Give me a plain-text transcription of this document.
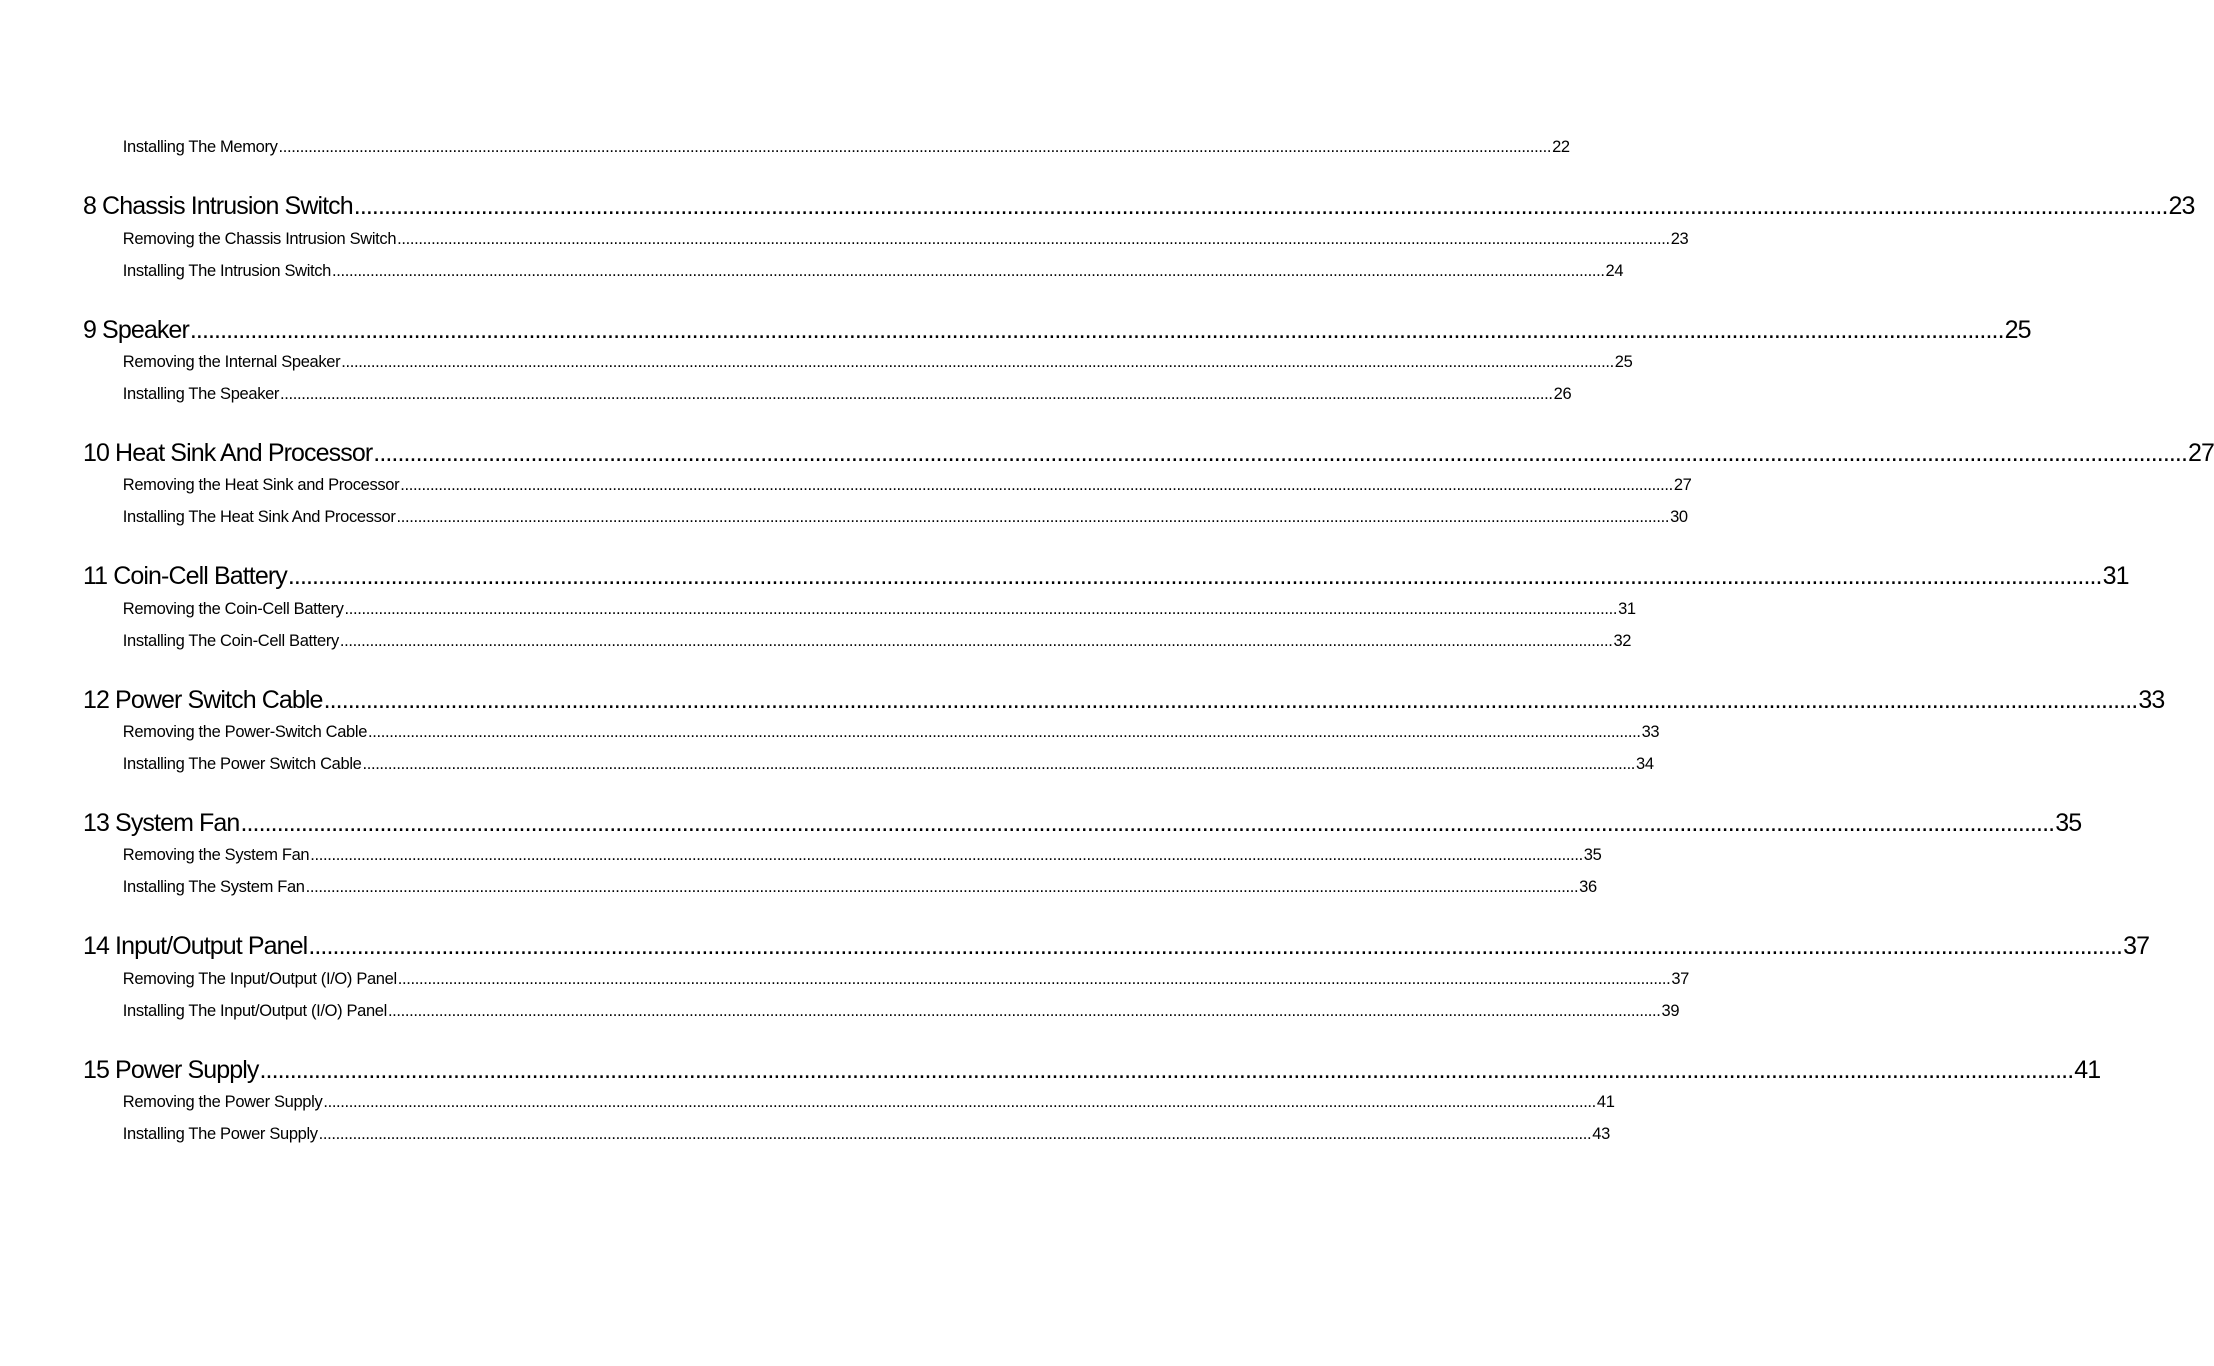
Installing The Memory ............................................................................................................................................................................................................................................................................................................ 22
8 Chassis Intrusion Switch ............................................................................................................................................................................................................................................................................................................ 23
Removing the Chassis Intrusion Switch ............................................................................................................................................................................................................................................................................................................ 23
Installing The Intrusion Switch ............................................................................................................................................................................................................................................................................................................ 24
9 Speaker ............................................................................................................................................................................................................................................................................................................ 25
Removing the Internal Speaker ............................................................................................................................................................................................................................................................................................................ 25
Installing The Speaker ............................................................................................................................................................................................................................................................................................................ 26
10 Heat Sink And Processor ............................................................................................................................................................................................................................................................................................................ 27
Removing the Heat Sink and Processor ............................................................................................................................................................................................................................................................................................................ 27
Installing The Heat Sink And Processor ............................................................................................................................................................................................................................................................................................................ 30
11 Coin-Cell Battery ............................................................................................................................................................................................................................................................................................................ 31
Removing the Coin-Cell Battery ............................................................................................................................................................................................................................................................................................................ 31
Installing The Coin-Cell Battery ............................................................................................................................................................................................................................................................................................................ 32
12 Power Switch Cable ............................................................................................................................................................................................................................................................................................................ 33
Removing the Power-Switch Cable ............................................................................................................................................................................................................................................................................................................ 33
Installing The Power Switch Cable ............................................................................................................................................................................................................................................................................................................ 34
13 System Fan ............................................................................................................................................................................................................................................................................................................ 35
Removing the System Fan ............................................................................................................................................................................................................................................................................................................ 35
Installing The System Fan ............................................................................................................................................................................................................................................................................................................ 36
14 Input/Output Panel ............................................................................................................................................................................................................................................................................................................ 37
Removing The Input/Output (I/O) Panel ............................................................................................................................................................................................................................................................................................................ 37
Installing The Input/Output (I/O) Panel ............................................................................................................................................................................................................................................................................................................ 39
15 Power Supply ............................................................................................................................................................................................................................................................................................................ 41
Removing the Power Supply ............................................................................................................................................................................................................................................................................................................ 41
Installing The Power Supply ............................................................................................................................................................................................................................................................................................................ 43
